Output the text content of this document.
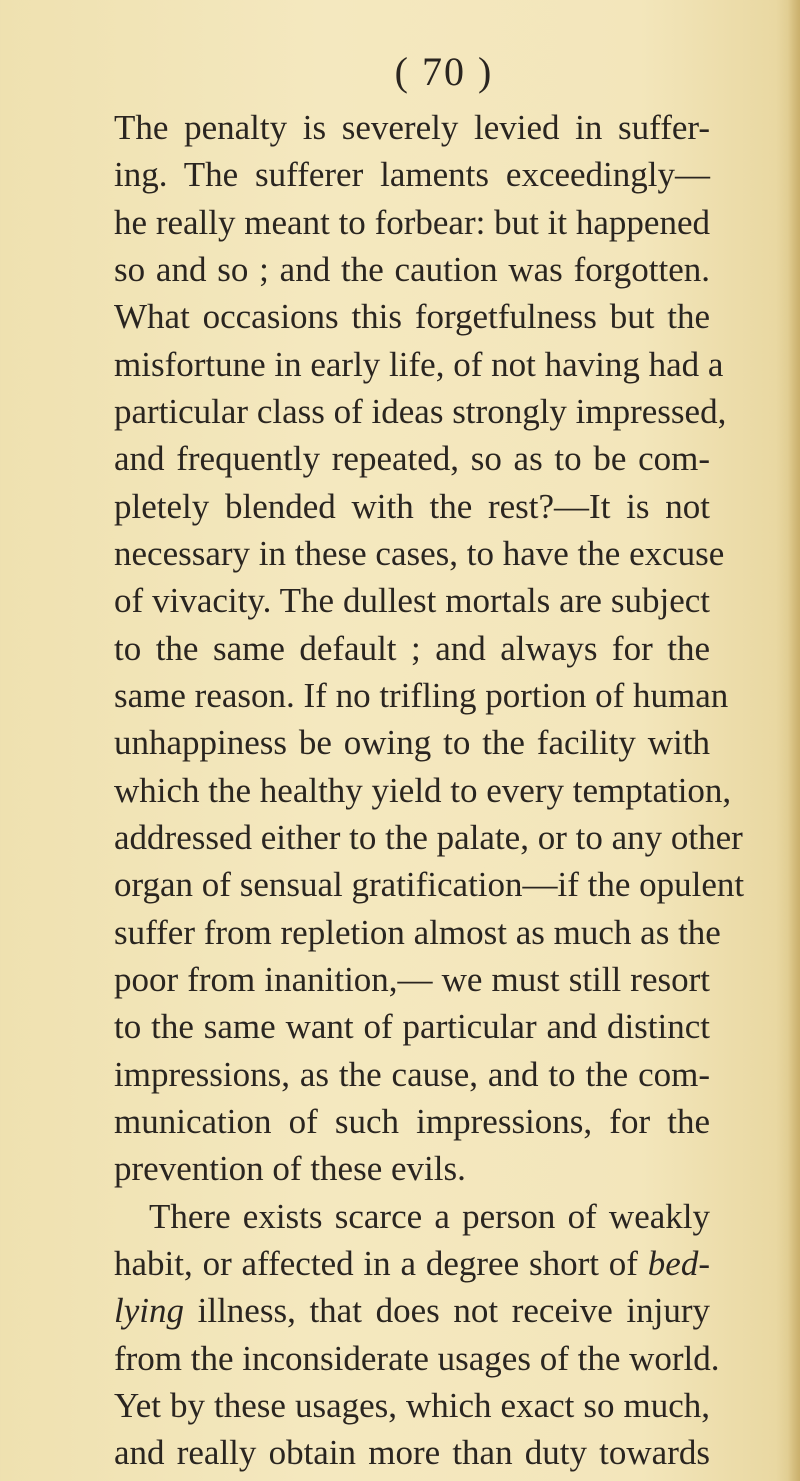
( 70 )
The penalty is severely levied in suffer-
ing. The sufferer laments exceedingly—
he really meant to forbear: but it happened
so and so ; and the caution was forgotten.
What occasions this forgetfulness but the
misfortune in early life, of not having had a
particular class of ideas strongly impressed,
and frequently repeated, so as to be com-
pletely blended with the rest?—It is not
necessary in these cases, to have the excuse
of vivacity. The dullest mortals are subject
to the same default ; and always for the
same reason. If no trifling portion of human
unhappiness be owing to the facility with
which the healthy yield to every temptation,
addressed either to the palate, or to any other
organ of sensual gratification—if the opulent
suffer from repletion almost as much as the
poor from inanition,— we must still resort
to the same want of particular and distinct
impressions, as the cause, and to the com-
munication of such impressions, for the
prevention of these evils.
There exists scarce a person of weakly
habit, or affected in a degree short of bed-
lying illness, that does not receive injury
from the inconsiderate usages of the world.
Yet by these usages, which exact so much,
and really obtain more than duty towards
